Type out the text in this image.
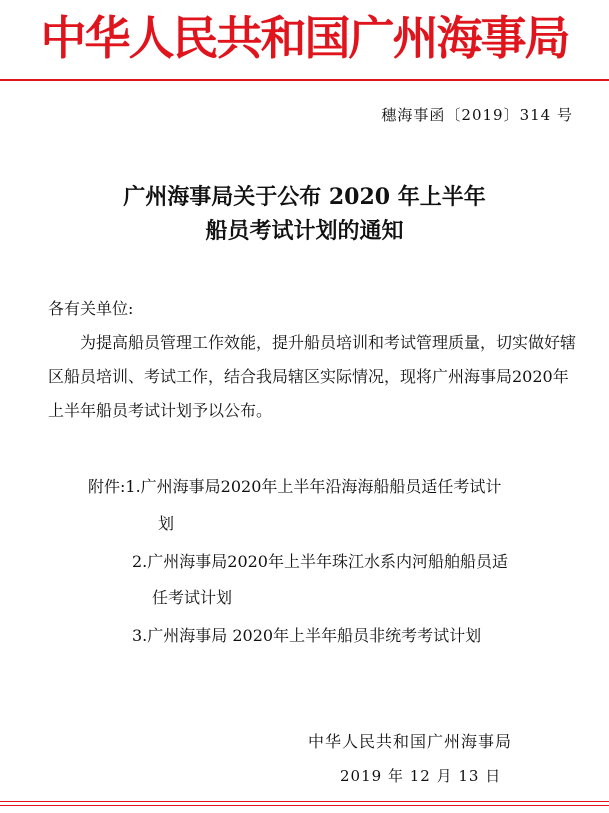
中华人民共和国广州海事局
穗海事函〔2019〕314 号
广州海事局关于公布 2020 年上半年
船员考试计划的通知
各有关单位:

为提高船员管理工作效能，提升船员培训和考试管理质量，切实做好辖区船员培训、考试工作，结合我局辖区实际情况，现将广州海事局2020年上半年船员考试计划予以公布。

附件:1.广州海事局2020年上半年沿海海船船员适任考试计
划
2.广州海事局2020年上半年珠江水系内河船舶船员适
任考试计划
3.广州海事局 2020年上半年船员非统考考试计划
中华人民共和国广州海事局
2019 年 12 月 13 日
